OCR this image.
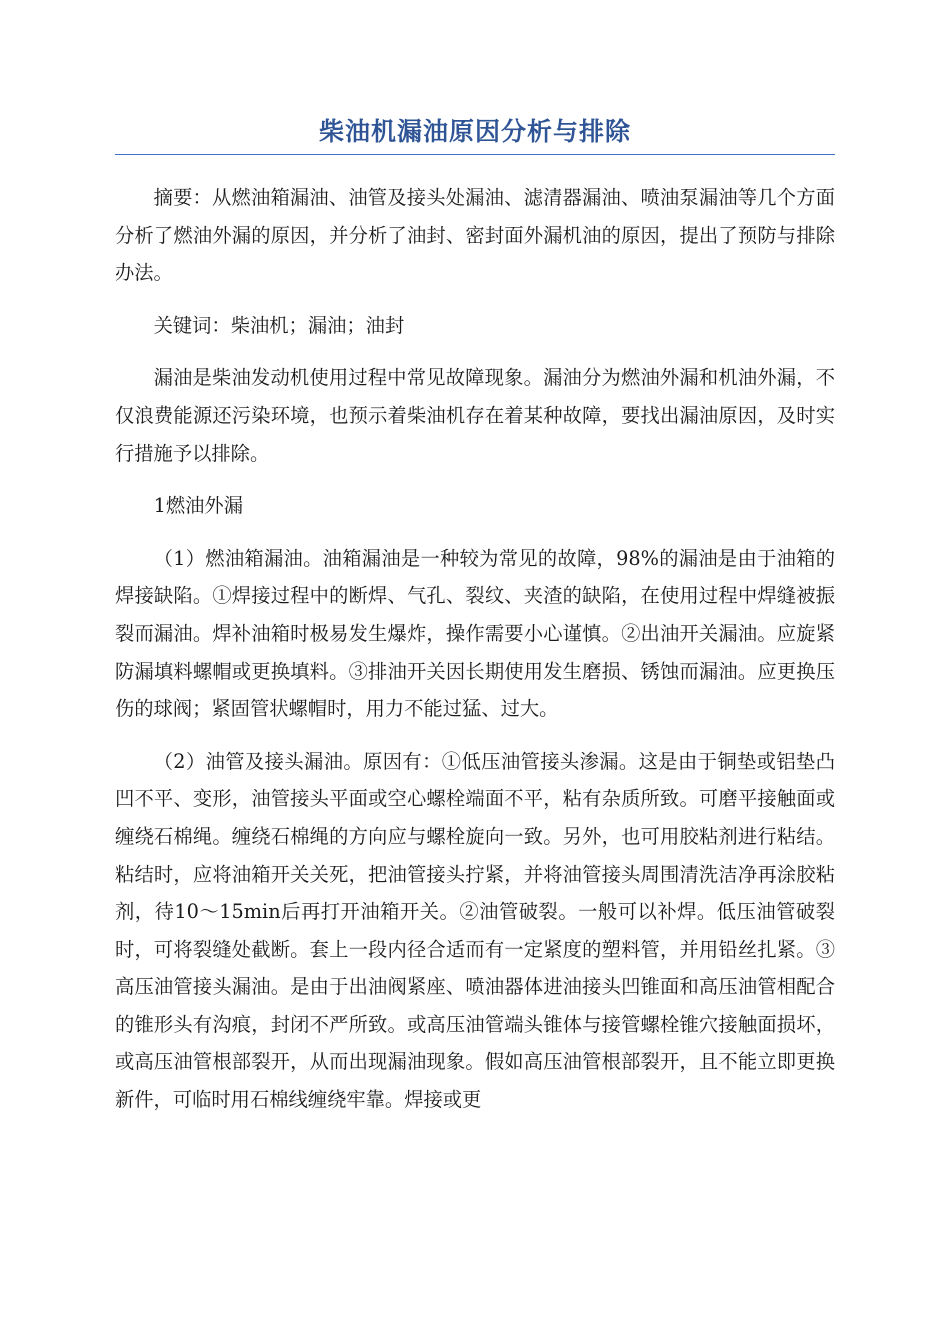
柴油机漏油原因分析与排除

摘要：从燃油箱漏油、油管及接头处漏油、滤清器漏油、喷油泵漏油等几个方面分析了燃油外漏的原因，并分析了油封、密封面外漏机油的原因，提出了预防与排除办法。

关键词：柴油机；漏油；油封

漏油是柴油发动机使用过程中常见故障现象。漏油分为燃油外漏和机油外漏，不仅浪费能源还污染环境，也预示着柴油机存在着某种故障，要找出漏油原因，及时实行措施予以排除。

1燃油外漏

（1）燃油箱漏油。油箱漏油是一种较为常见的故障，98%的漏油是由于油箱的焊接缺陷。①焊接过程中的断焊、气孔、裂纹、夹渣的缺陷，在使用过程中焊缝被振裂而漏油。焊补油箱时极易发生爆炸，操作需要小心谨慎。②出油开关漏油。应旋紧防漏填料螺帽或更换填料。③排油开关因长期使用发生磨损、锈蚀而漏油。应更换压伤的球阀；紧固管状螺帽时，用力不能过猛、过大。

（2）油管及接头漏油。原因有：①低压油管接头渗漏。这是由于铜垫或铝垫凸凹不平、变形，油管接头平面或空心螺栓端面不平，粘有杂质所致。可磨平接触面或缠绕石棉绳。缠绕石棉绳的方向应与螺栓旋向一致。另外，也可用胶粘剂进行粘结。粘结时，应将油箱开关关死，把油管接头拧紧，并将油管接头周围清洗洁净再涂胶粘剂，待10～15min后再打开油箱开关。②油管破裂。一般可以补焊。低压油管破裂时，可将裂缝处截断。套上一段内径合适而有一定紧度的塑料管，并用铅丝扎紧。③高压油管接头漏油。是由于出油阀紧座、喷油器体进油接头凹锥面和高压油管相配合的锥形头有沟痕，封闭不严所致。或高压油管端头锥体与接管螺栓锥穴接触面损坏，或高压油管根部裂开，从而出现漏油现象。假如高压油管根部裂开，且不能立即更换新件，可临时用石棉线缠绕牢靠。焊接或更
